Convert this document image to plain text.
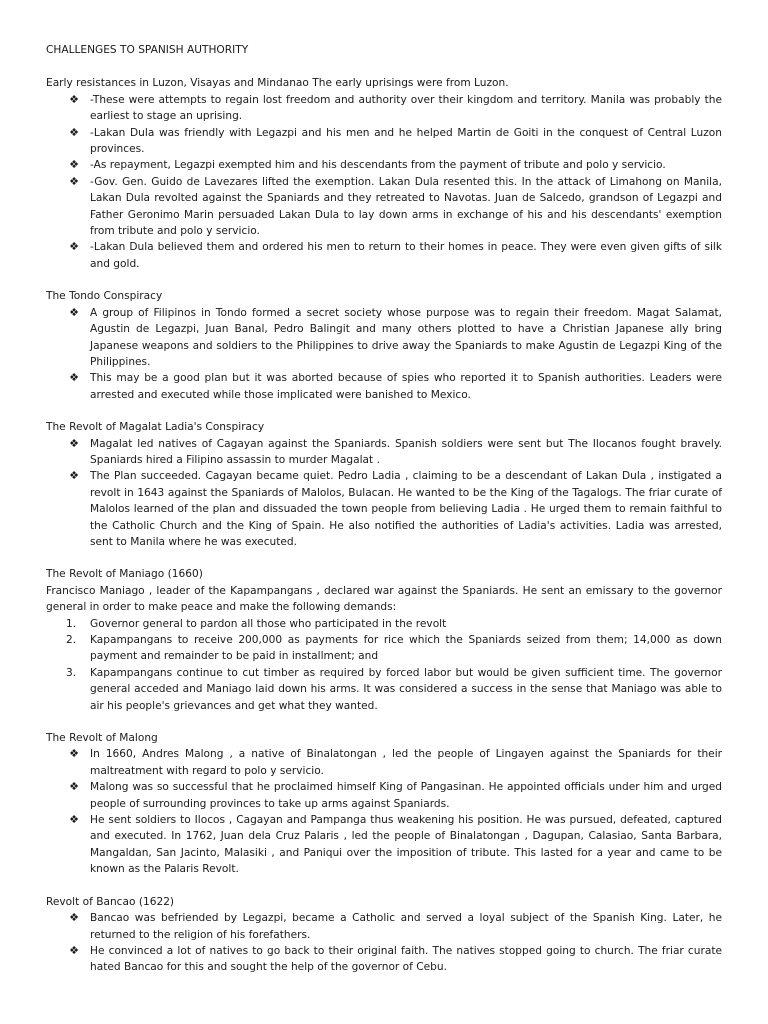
CHALLENGES TO SPANISH AUTHORITY
Early resistances in Luzon, Visayas and Mindanao The early uprisings were from Luzon.
❖ -These were attempts to regain lost freedom and authority over their kingdom and territory. Manila was probably the earliest to stage an uprising.
❖ -Lakan Dula was friendly with Legazpi and his men and he helped Martin de Goiti in the conquest of Central Luzon provinces.
❖ -As repayment, Legazpi exempted him and his descendants from the payment of tribute and polo y servicio.
❖ -Gov. Gen. Guido de Lavezares lifted the exemption. Lakan Dula resented this. In the attack of Limahong on Manila, Lakan Dula revolted against the Spaniards and they retreated to Navotas. Juan de Salcedo, grandson of Legazpi and Father Geronimo Marin persuaded Lakan Dula to lay down arms in exchange of his and his descendants' exemption from tribute and polo y servicio.
❖ -Lakan Dula believed them and ordered his men to return to their homes in peace. They were even given gifts of silk and gold.
The Tondo Conspiracy
❖ A group of Filipinos in Tondo formed a secret society whose purpose was to regain their freedom. Magat Salamat, Agustin de Legazpi, Juan Banal, Pedro Balingit and many others plotted to have a Christian Japanese ally bring Japanese weapons and soldiers to the Philippines to drive away the Spaniards to make Agustin de Legazpi King of the Philippines.
❖ This may be a good plan but it was aborted because of spies who reported it to Spanish authorities. Leaders were arrested and executed while those implicated were banished to Mexico.
The Revolt of Magalat Ladia's Conspiracy
❖ Magalat led natives of Cagayan against the Spaniards. Spanish soldiers were sent but The Ilocanos fought bravely. Spaniards hired a Filipino assassin to murder Magalat .
❖ The Plan succeeded. Cagayan became quiet. Pedro Ladia , claiming to be a descendant of Lakan Dula , instigated a revolt in 1643 against the Spaniards of Malolos, Bulacan. He wanted to be the King of the Tagalogs. The friar curate of Malolos learned of the plan and dissuaded the town people from believing Ladia . He urged them to remain faithful to the Catholic Church and the King of Spain. He also notified the authorities of Ladia's activities. Ladia was arrested, sent to Manila where he was executed.
The Revolt of Maniago (1660)

Francisco Maniago , leader of the Kapampangans , declared war against the Spaniards. He sent an emissary to the governor general in order to make peace and make the following demands:

1. Governor general to pardon all those who participated in the revolt
2. Kapampangans to receive 200,000 as payments for rice which the Spaniards seized from them; 14,000 as down payment and remainder to be paid in installment; and
3. Kapampangans continue to cut timber as required by forced labor but would be given sufficient time. The governor general acceded and Maniago laid down his arms. It was considered a success in the sense that Maniago was able to air his people's grievances and get what they wanted.
The Revolt of Malong
❖ In 1660, Andres Malong , a native of Binalatongan , led the people of Lingayen against the Spaniards for their maltreatment with regard to polo y servicio.
❖ Malong was so successful that he proclaimed himself King of Pangasinan. He appointed officials under him and urged people of surrounding provinces to take up arms against Spaniards.
❖ He sent soldiers to Ilocos , Cagayan and Pampanga thus weakening his position. He was pursued, defeated, captured and executed. In 1762, Juan dela Cruz Palaris , led the people of Binalatongan , Dagupan, Calasiao, Santa Barbara, Mangaldan, San Jacinto, Malasiki , and Paniqui over the imposition of tribute. This lasted for a year and came to be known as the Palaris Revolt.
Revolt of Bancao (1622)
❖ Bancao was befriended by Legazpi, became a Catholic and served a loyal subject of the Spanish King. Later, he returned to the religion of his forefathers.
❖ He convinced a lot of natives to go back to their original faith. The natives stopped going to church. The friar curate hated Bancao for this and sought the help of the governor of Cebu.
